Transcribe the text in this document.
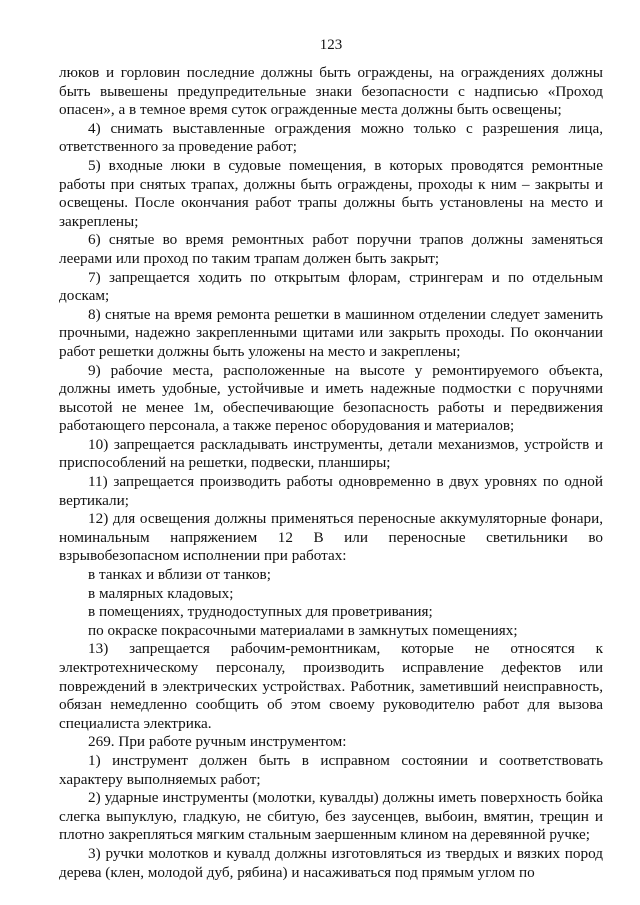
123

люков и горловин последние должны быть ограждены, на ограждениях должны быть вывешены предупредительные знаки безопасности с надписью «Проход опасен», а в темное время суток огражденные места должны быть освещены;

4) снимать выставленные ограждения можно только с разрешения лица, ответственного за проведение работ;

5) входные люки в судовые помещения, в которых проводятся ремонтные работы при снятых трапах, должны быть ограждены, проходы к ним – закрыты и освещены. После окончания работ трапы должны быть установлены на место и закреплены;

6) снятые во время ремонтных работ поручни трапов должны заменяться леерами или проход по таким трапам должен быть закрыт;

7) запрещается ходить по открытым флорам, стрингерам и по отдельным доскам;

8) снятые на время ремонта решетки в машинном отделении следует заменить прочными, надежно закрепленными щитами или закрыть проходы. По окончании работ решетки должны быть уложены на место и закреплены;

9) рабочие места, расположенные на высоте у ремонтируемого объекта, должны иметь удобные, устойчивые и иметь надежные подмостки с поручнями высотой не менее 1м, обеспечивающие безопасность работы и передвижения работающего персонала, а также перенос оборудования и материалов;

10) запрещается раскладывать инструменты, детали механизмов, устройств и приспособлений на решетки, подвески, планширы;

11) запрещается производить работы одновременно в двух уровнях по одной вертикали;

12) для освещения должны применяться переносные аккумуляторные фонари, номинальным напряжением 12 В или переносные светильники во взрывобезопасном исполнении при работах:

в танках и вблизи от танков;

в малярных кладовых;

в помещениях, труднодоступных для проветривания;

по окраске покрасочными материалами в замкнутых помещениях;

13) запрещается рабочим-ремонтникам, которые не относятся к электротехническому персоналу, производить исправление дефектов или повреждений в электрических устройствах. Работник, заметивший неисправность, обязан немедленно сообщить об этом своему руководителю работ для вызова специалиста электрика.

269. При работе ручным инструментом:

1) инструмент должен быть в исправном состоянии и соответствовать характеру выполняемых работ;

2) ударные инструменты (молотки, кувалды) должны иметь поверхность бойка слегка выпуклую, гладкую, не сбитую, без заусенцев, выбоин, вмятин, трещин и плотно закрепляться мягким стальным заершенным клином на деревянной ручке;

3) ручки молотков и кувалд должны изготовляться из твердых и вязких пород дерева (клен, молодой дуб, рябина) и насаживаться под прямым углом по
